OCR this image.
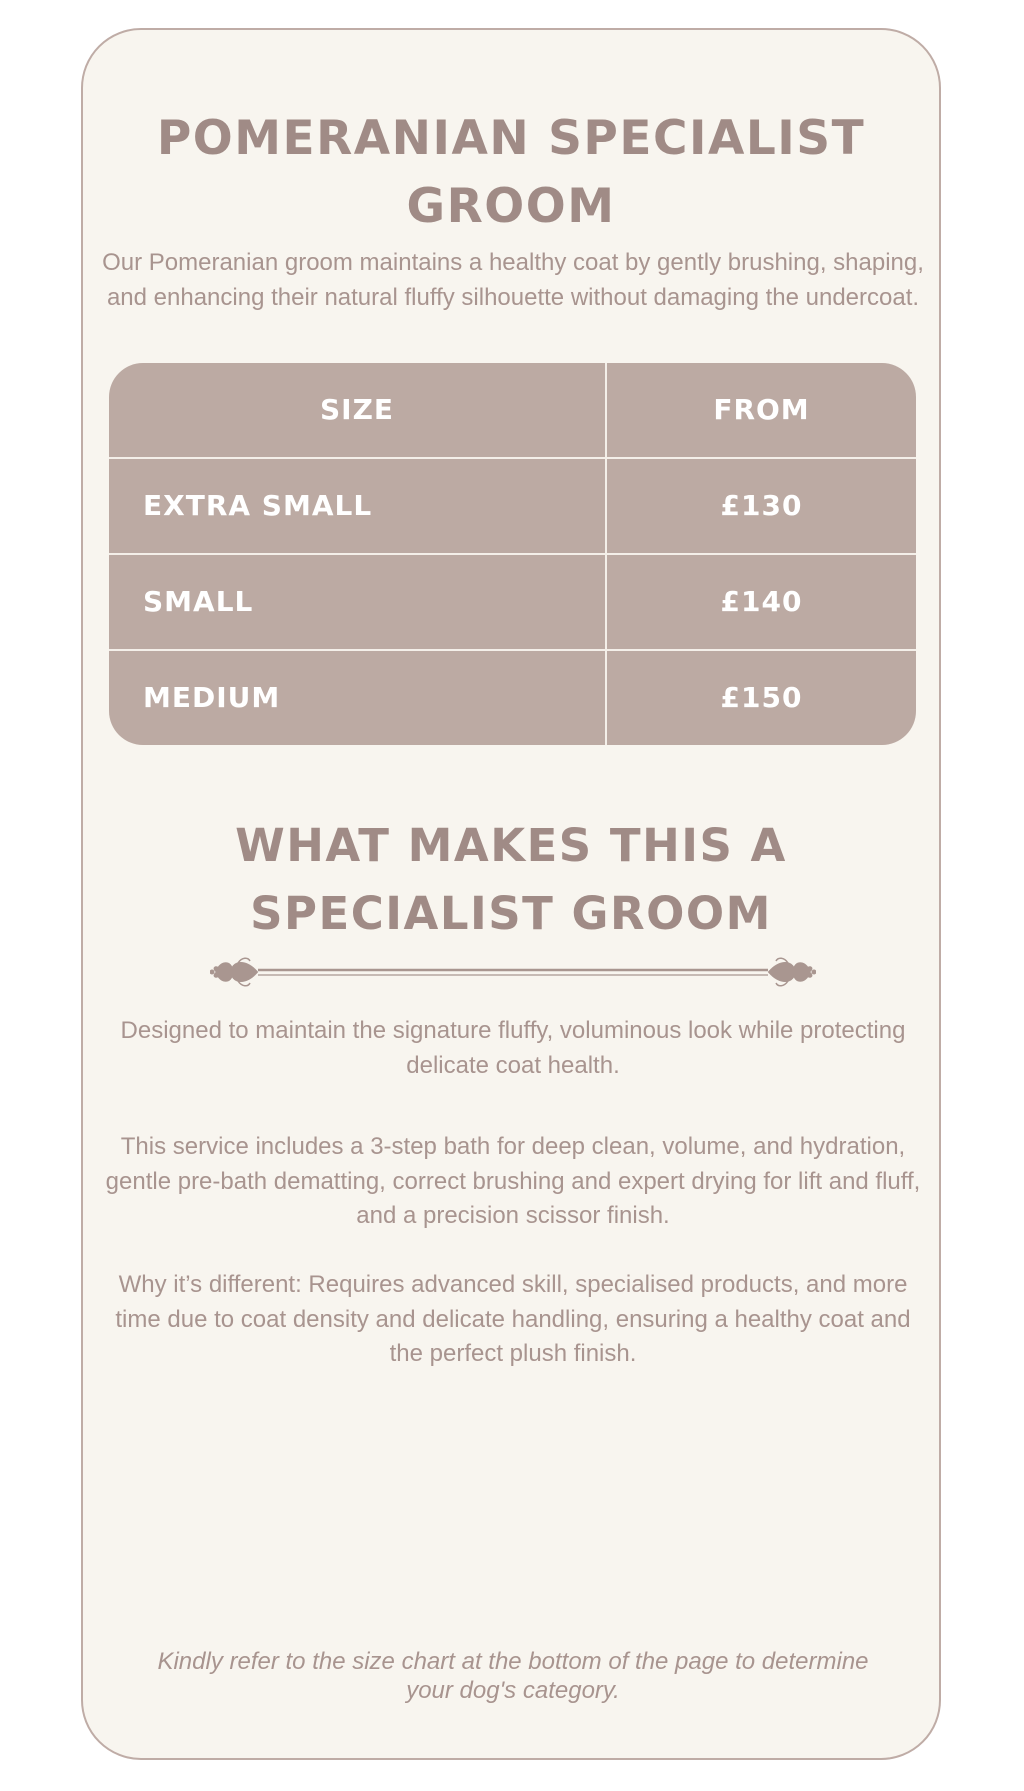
POMERANIAN SPECIALIST GROOM

Our Pomeranian groom maintains a healthy coat by gently brushing, shaping, and enhancing their natural fluffy silhouette without damaging the undercoat.

SIZE	FROM
EXTRA SMALL	£130
SMALL	£140
MEDIUM	£150
WHAT MAKES THIS A SPECIALIST GROOM

Designed to maintain the signature fluffy, voluminous look while protecting delicate coat health.

This service includes a 3-step bath for deep clean, volume, and hydration, gentle pre-bath dematting, correct brushing and expert drying for lift and fluff, and a precision scissor finish.

Why it’s different: Requires advanced skill, specialised products, and more time due to coat density and delicate handling, ensuring a healthy coat and the perfect plush finish.

Kindly refer to the size chart at the bottom of the page to determine your dog's category.
